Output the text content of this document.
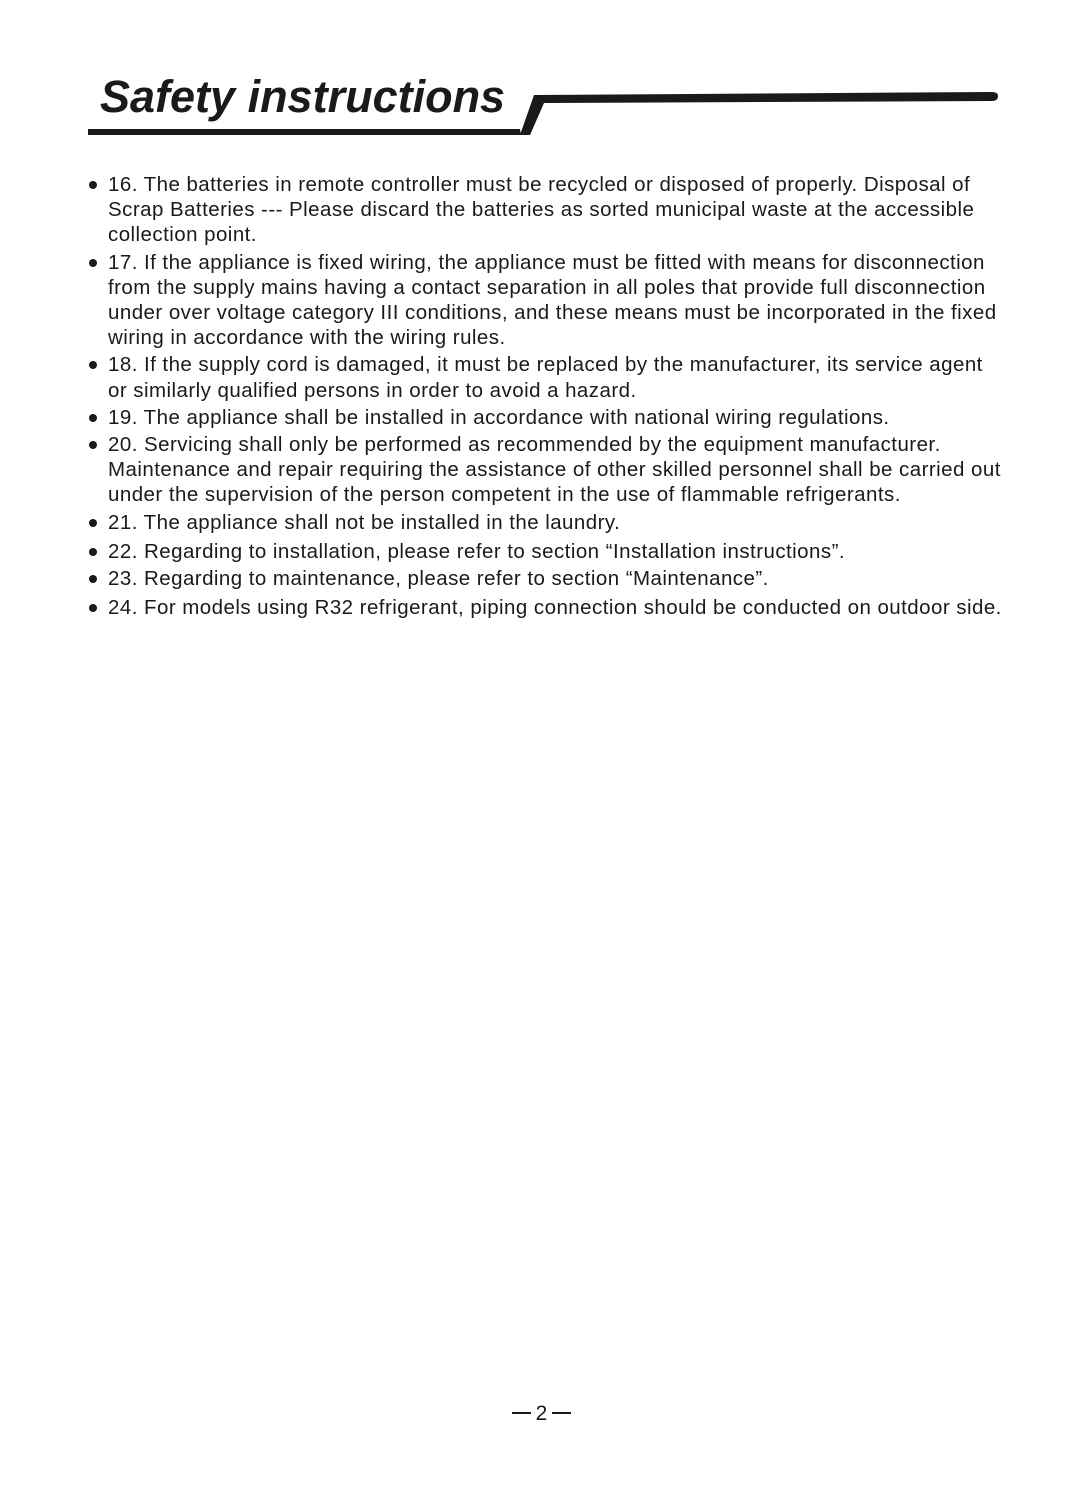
Safety instructions
16. The batteries in remote controller must be recycled or disposed of properly. Disposal of Scrap Batteries --- Please discard the batteries as sorted municipal waste at the accessible collection point.
17. If the appliance is fixed wiring, the appliance must be fitted with means for disconnection from the supply mains having a contact separation in all poles that provide full disconnection under over voltage category III conditions, and these means must be incorporated in the fixed wiring in accordance with the wiring rules.
18. If the supply cord is damaged, it must be replaced by the manufacturer, its service agent or similarly qualified persons in order to avoid a hazard.
19. The appliance shall be installed in accordance with national wiring regulations.
20. Servicing shall only be performed as recommended by the equipment manufacturer. Maintenance and repair requiring the assistance of other skilled personnel shall be carried out under the supervision of the person competent in the use of flammable refrigerants.
21. The appliance shall not be installed in the laundry.
22. Regarding to installation, please refer to section “Installation instructions”.
23. Regarding to maintenance, please refer to section “Maintenance”.
24. For models using R32 refrigerant, piping connection should be conducted on outdoor side.
2
